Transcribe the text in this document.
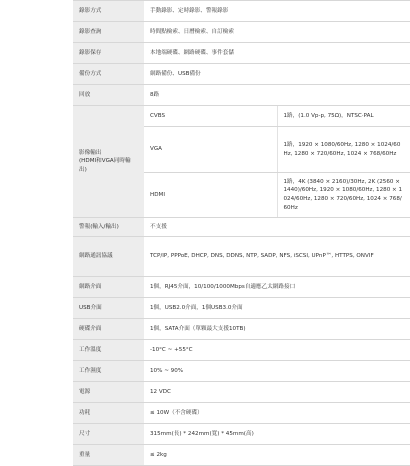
錄影方式	手動錄影、定時錄影、警報錄影	
錄影查詢	時間點檢索、日曆檢索、自訂檢索	
錄影保存	本地端硬碟、網路硬碟、事件套儲	
備份方式	網路備份、USB備份	
回放	8路	
影像輸出
(HDMI和VGA同時輸出)	CVBS	1路，(1.0 Vp-p, 75Ω)，NTSC·PAL
	VGA	1路，1920 × 1080/60Hz, 1280 × 1024/60Hz, 1280 × 720/60Hz, 1024 × 768/60Hz
	HDMI	1路，4K (3840 × 2160)/30Hz, 2K (2560 × 1440)/60Hz, 1920 × 1080/60Hz, 1280 × 1024/60Hz, 1280 × 720/60Hz, 1024 × 768/60Hz
警報(輸入/輸出)	不支援	
網路通訊協議	TCP/IP, PPPoE, DHCP, DNS, DDNS, NTP, SADP, NFS, iSCSI, UPnP™, HTTPS, ONVIF	
網路介面	1個，RJ45介面，10/100/1000Mbps自適應乙太網路接口	
USB介面	1個，USB2.0介面，1個USB3.0介面	
硬碟介面	1個，SATA介面（單顆最大支援10TB)	
工作溫度	-10°C ~ +55°C	
工作濕度	10% ~ 90%	
電源	12 VDC	
功耗	≤ 10W（不含硬碟）	
尺寸	315mm(長) * 242mm(寬) * 45mm(高)	
重量	≤ 2kg	
